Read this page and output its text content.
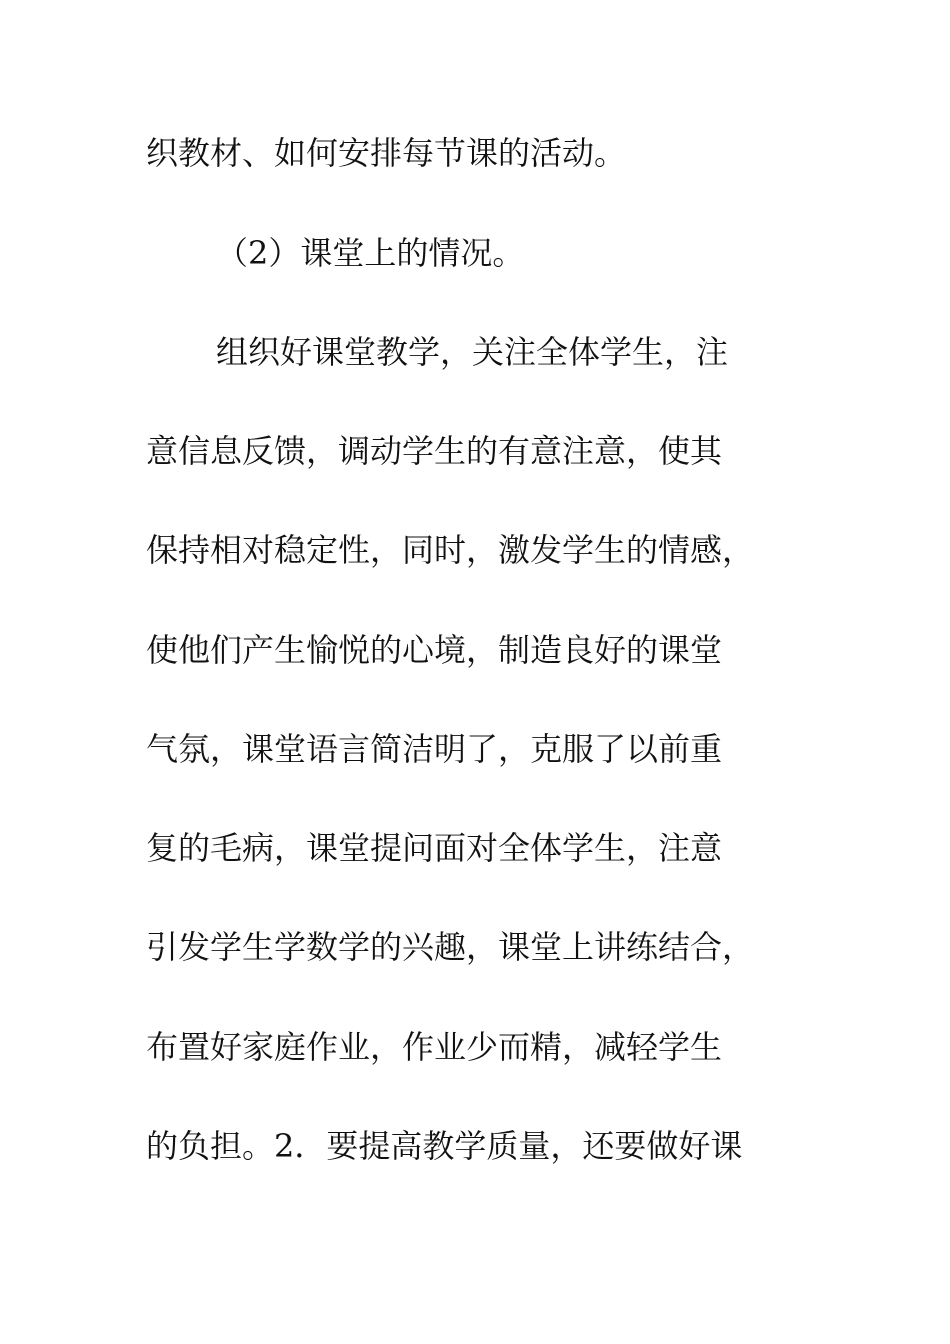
织教材、如何安排每节课的活动。
（2）课堂上的情况。
组织好课堂教学，关注全体学生，注
意信息反馈，调动学生的有意注意，使其
保持相对稳定性，同时，激发学生的情感，
使他们产生愉悦的心境，制造良好的课堂
气氛，课堂语言简洁明了，克服了以前重
复的毛病，课堂提问面对全体学生，注意
引发学生学数学的兴趣，课堂上讲练结合，
布置好家庭作业，作业少而精，减轻学生
的负担。2．要提高教学质量，还要做好课
